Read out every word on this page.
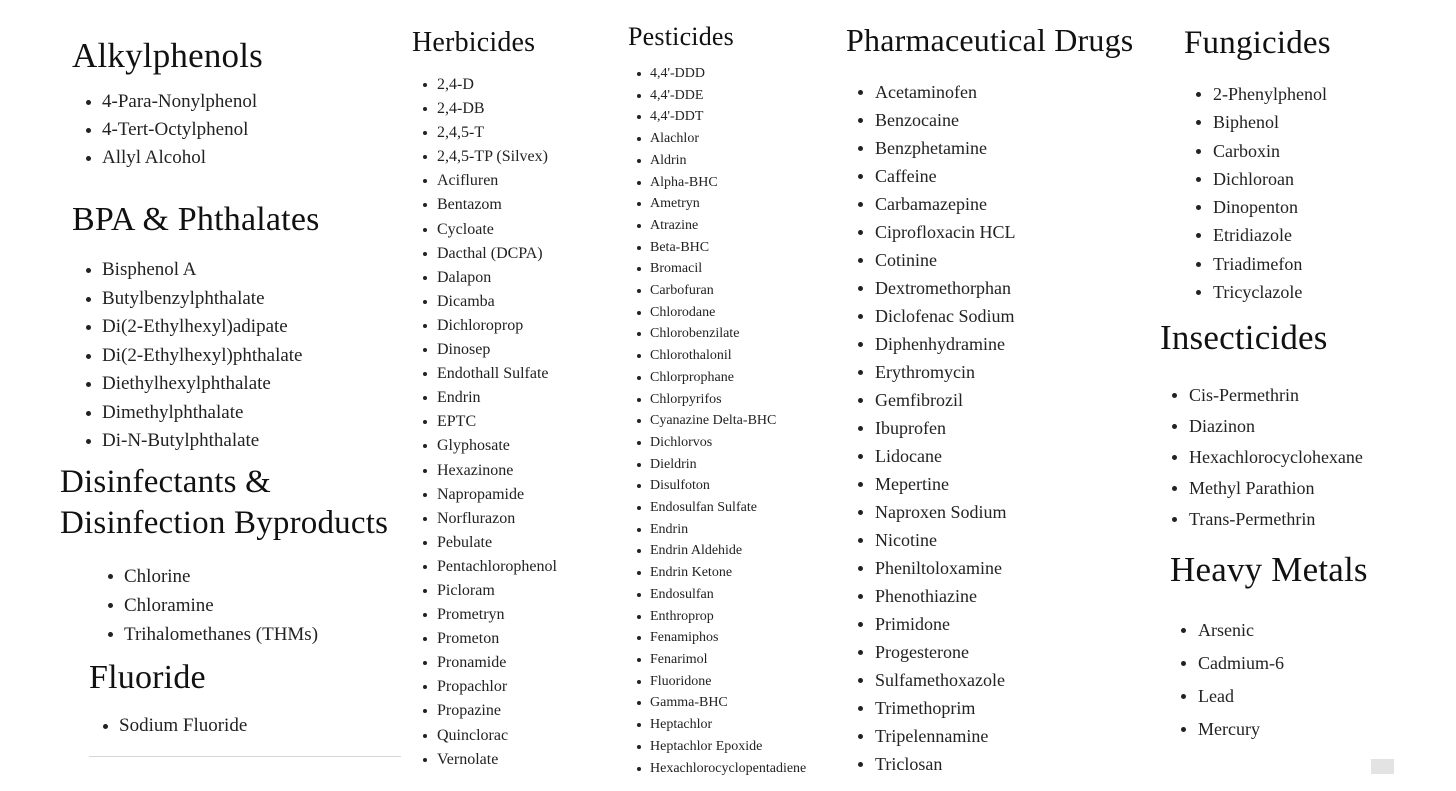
Alkylphenols
4-Para-Nonylphenol
4-Tert-Octylphenol
Allyl Alcohol
BPA & Phthalates
Bisphenol A
Butylbenzylphthalate
Di(2-Ethylhexyl)adipate
Di(2-Ethylhexyl)phthalate
Diethylhexylphthalate
Dimethylphthalate
Di-N-Butylphthalate
Disinfectants &
Disinfection Byproducts
Chlorine
Chloramine
Trihalomethanes (THMs)
Fluoride
Sodium Fluoride
Herbicides
2,4-D
2,4-DB
2,4,5-T
2,4,5-TP (Silvex)
Acifluren
Bentazom
Cycloate
Dacthal (DCPA)
Dalapon
Dicamba
Dichloroprop
Dinosep
Endothall Sulfate
Endrin
EPTC
Glyphosate
Hexazinone
Napropamide
Norflurazon
Pebulate
Pentachlorophenol
Picloram
Prometryn
Prometon
Pronamide
Propachlor
Propazine
Quinclorac
Vernolate
Pesticides
4,4'-DDD
4,4'-DDE
4,4'-DDT
Alachlor
Aldrin
Alpha-BHC
Ametryn
Atrazine
Beta-BHC
Bromacil
Carbofuran
Chlorodane
Chlorobenzilate
Chlorothalonil
Chlorprophane
Chlorpyrifos
Cyanazine Delta-BHC
Dichlorvos
Dieldrin
Disulfoton
Endosulfan Sulfate
Endrin
Endrin Aldehide
Endrin Ketone
Endosulfan
Enthroprop
Fenamiphos
Fenarimol
Fluoridone
Gamma-BHC
Heptachlor
Heptachlor Epoxide
Hexachlorocyclopentadiene
Pharmaceutical Drugs
Acetaminofen
Benzocaine
Benzphetamine
Caffeine
Carbamazepine
Ciprofloxacin HCL
Cotinine
Dextromethorphan
Diclofenac Sodium
Diphenhydramine
Erythromycin
Gemfibrozil
Ibuprofen
Lidocane
Mepertine
Naproxen Sodium
Nicotine
Pheniltoloxamine
Phenothiazine
Primidone
Progesterone
Sulfamethoxazole
Trimethoprim
Tripelennamine
Triclosan
Fungicides
2-Phenylphenol
Biphenol
Carboxin
Dichloroan
Dinopenton
Etridiazole
Triadimefon
Tricyclazole
Insecticides
Cis-Permethrin
Diazinon
Hexachlorocyclohexane
Methyl Parathion
Trans-Permethrin
Heavy Metals
Arsenic
Cadmium-6
Lead
Mercury
